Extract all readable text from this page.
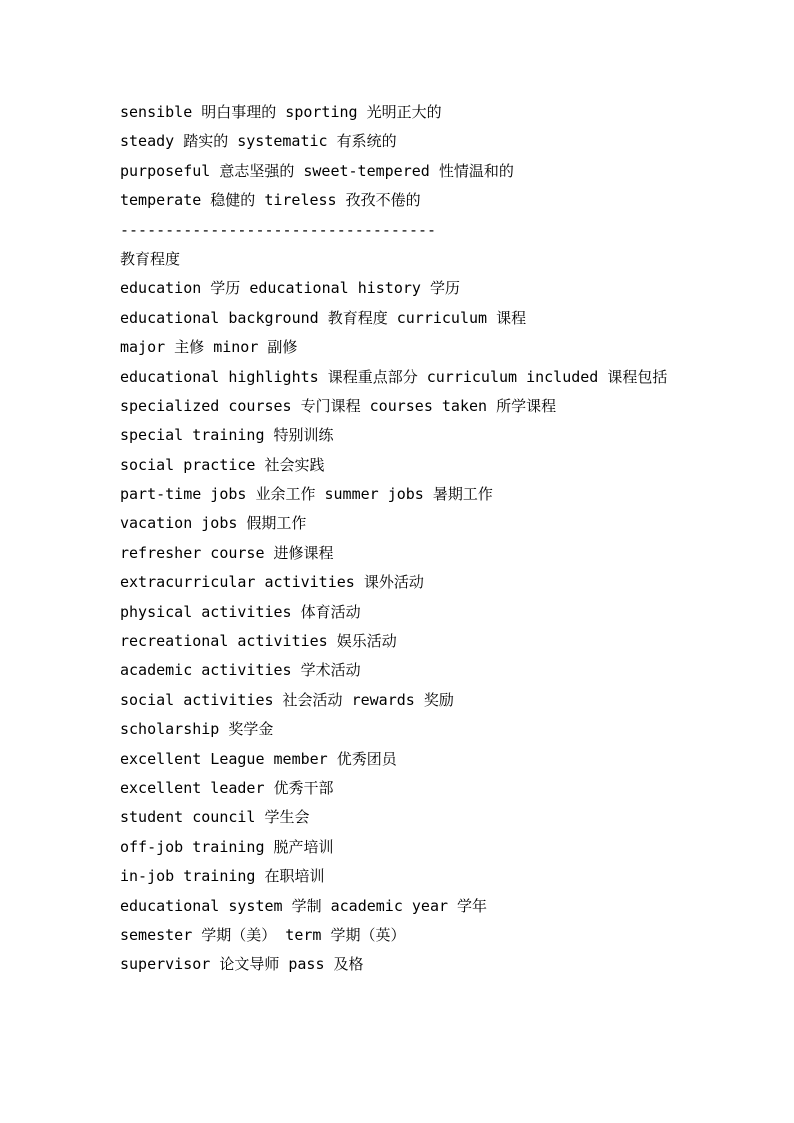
sensible 明白事理的 sporting 光明正大的
steady 踏实的 systematic 有系统的
purposeful 意志坚强的 sweet-tempered 性情温和的
temperate 稳健的 tireless 孜孜不倦的
-----------------------------------
教育程度
education 学历 educational history 学历
educational background 教育程度 curriculum 课程
major 主修 minor 副修
educational highlights 课程重点部分 curriculum included 课程包括
specialized courses 专门课程 courses taken 所学课程
special training 特别训练
social practice 社会实践
part-time jobs 业余工作 summer jobs 暑期工作
vacation jobs 假期工作
refresher course 进修课程
extracurricular activities 课外活动
physical activities 体育活动
recreational activities 娱乐活动
academic activities 学术活动
social activities 社会活动 rewards 奖励
scholarship 奖学金
excellent League member 优秀团员
excellent leader 优秀干部
student council 学生会
off-job training 脱产培训
in-job training 在职培训
educational system 学制 academic year 学年
semester 学期（美） term 学期（英）
supervisor 论文导师 pass 及格
